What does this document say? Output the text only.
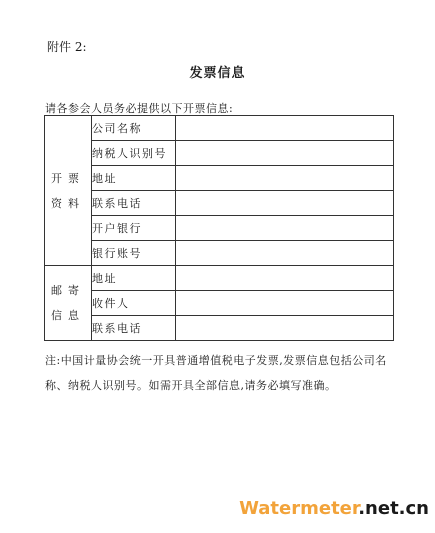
附件 2:
发票信息
请各参会人员务必提供以下开票信息:
开票
资料	公司名称	
	纳税人识别号	
	地址	
	联系电话	
	开户银行	
	银行账号	
邮寄
信息	地址	
	收件人	
	联系电话	
注:中国计量协会统一开具普通增值税电子发票,发票信息包括公司名称、纳税人识别号。如需开具全部信息,请务必填写准确。
Watermeter.net.cn
